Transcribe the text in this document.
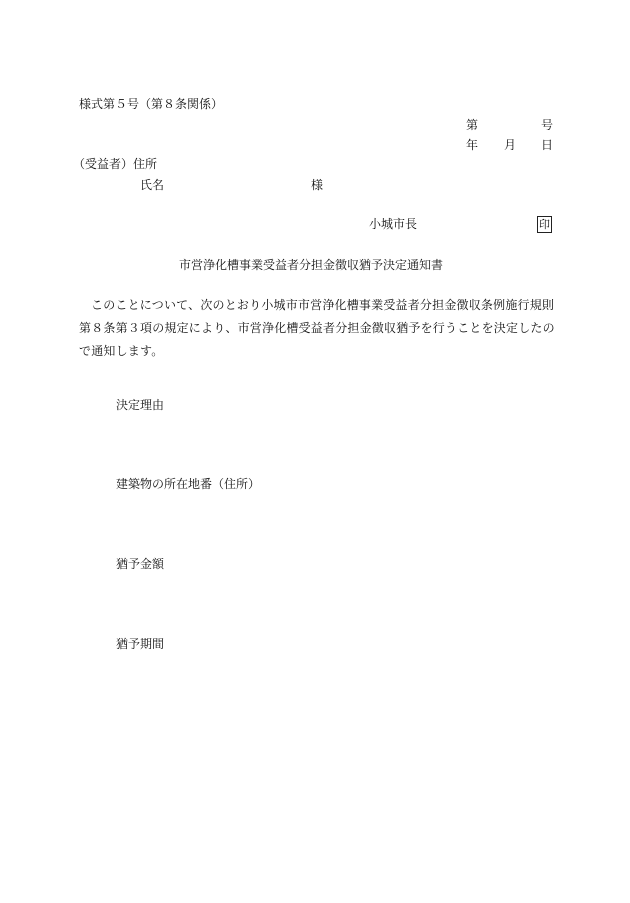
様式第５号（第８条関係）
第	号
年 月 日
（受益者）住所
氏名	様
小城市長	印
市営浄化槽事業受益者分担金徴収猶予決定通知書
このことについて、次のとおり小城市市営浄化槽事業受益者分担金徴収条例施行規則第８条第３項の規定により、市営浄化槽受益者分担金徴収猶予を行うことを決定したので通知します。
決定理由
建築物の所在地番（住所）
猶予金額
猶予期間
